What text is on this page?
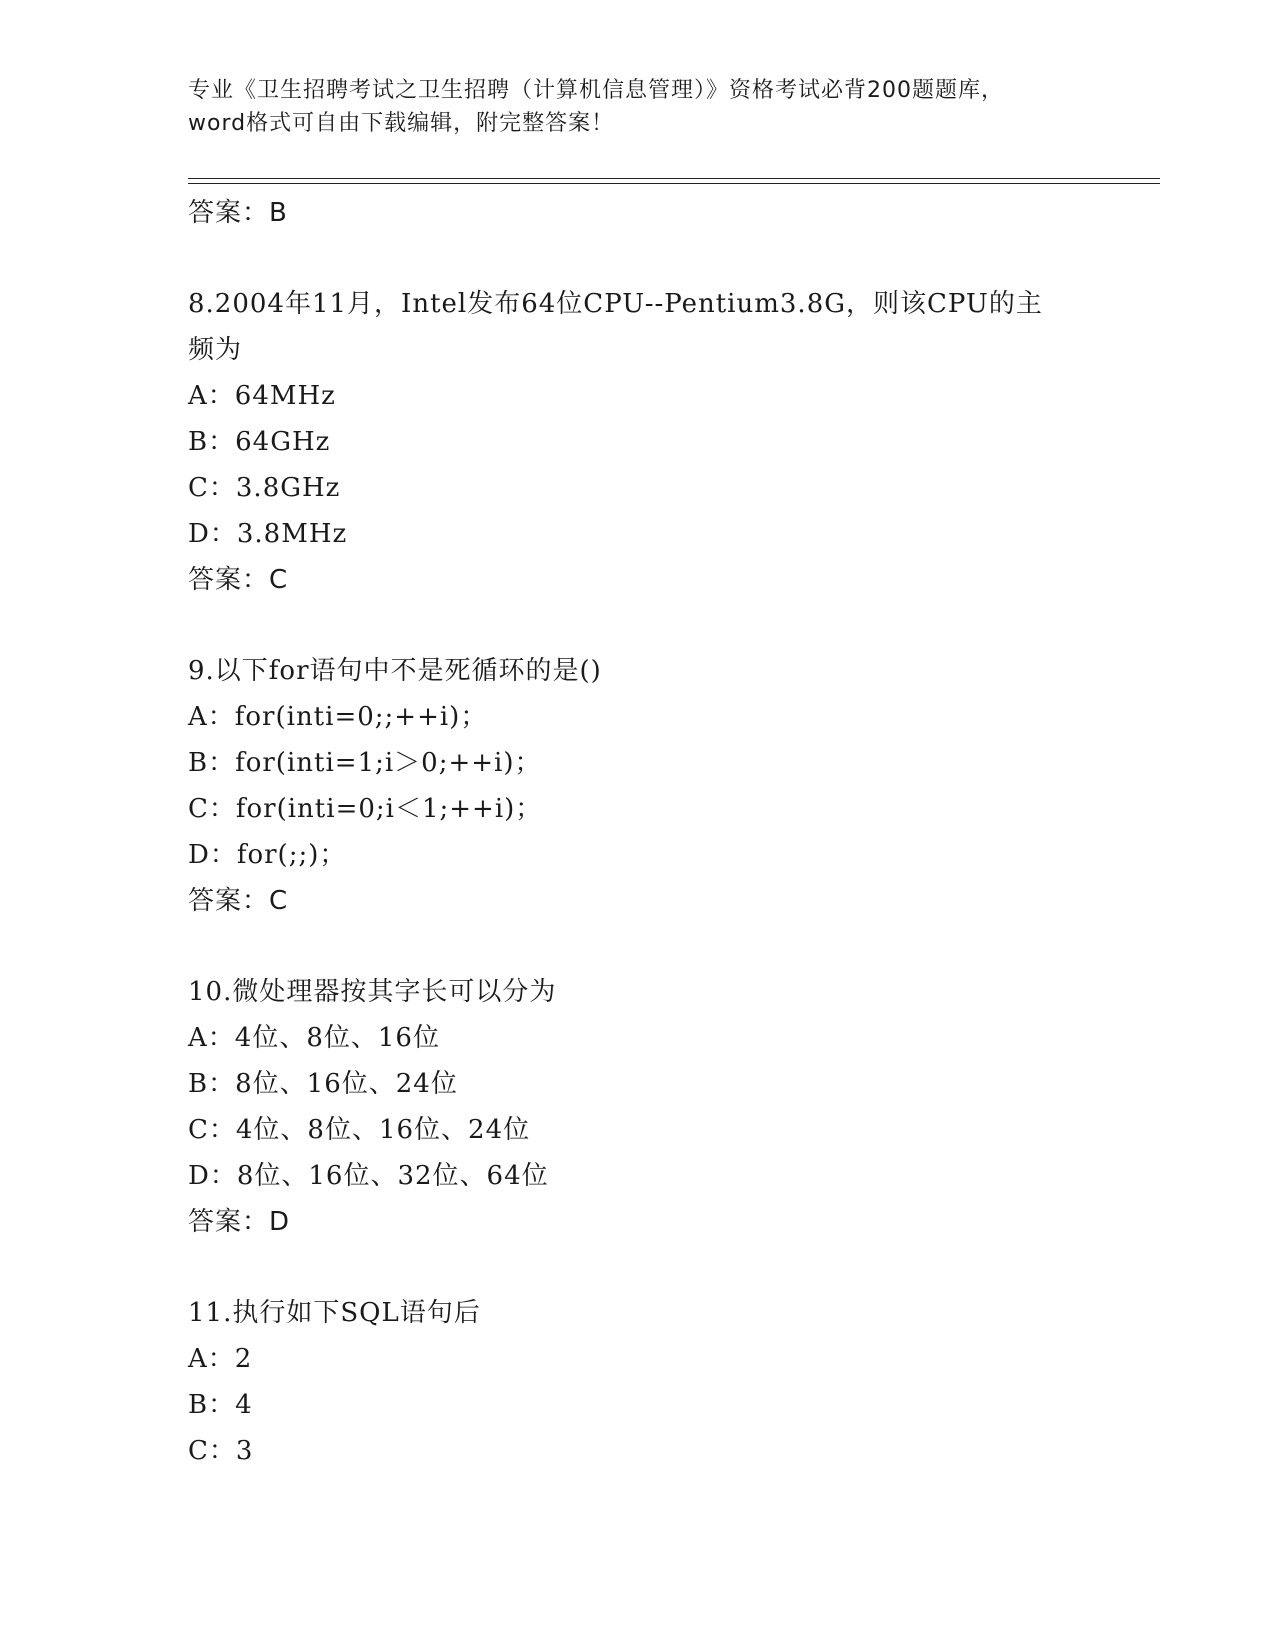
专业《卫生招聘考试之卫生招聘（计算机信息管理）》资格考试必背200题题库，
word格式可自由下载编辑，附完整答案！
答案：B
8.2004年11月，Intel发布64位CPU--Pentium3.8G，则该CPU的主频为
A：64MHz
B：64GHz
C：3.8GHz
D：3.8MHz
答案：C
9.以下for语句中不是死循环的是()
A：for(inti=0;;++i)；
B：for(inti=1;i＞0;++i)；
C：for(inti=0;i＜1;++i)；
D：for(;;)；
答案：C
10.微处理器按其字长可以分为
A：4位、8位、16位
B：8位、16位、24位
C：4位、8位、16位、24位
D：8位、16位、32位、64位
答案：D
11.执行如下SQL语句后
A：2
B：4
C：3
